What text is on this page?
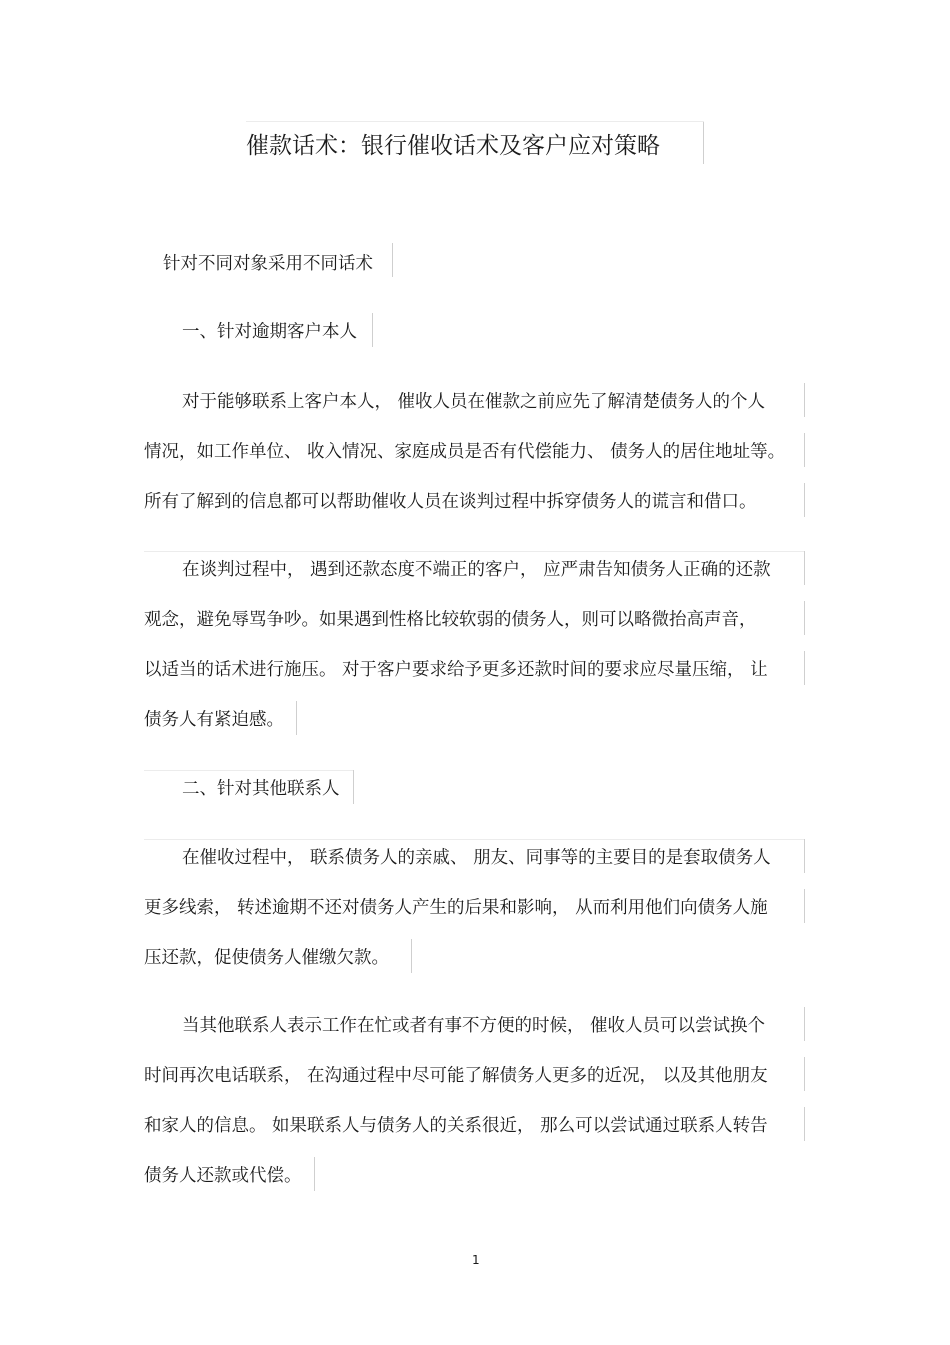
催款话术：银行催收话术及客户应对策略
针对不同对象采用不同话术
一、针对逾期客户本人
对于能够联系上客户本人， 催收人员在催款之前应先了解清楚债务人的个人
情况，如工作单位、 收入情况、家庭成员是否有代偿能力、 债务人的居住地址等。
所有了解到的信息都可以帮助催收人员在谈判过程中拆穿债务人的谎言和借口。
在谈判过程中， 遇到还款态度不端正的客户， 应严肃告知债务人正确的还款
观念，避免辱骂争吵。如果遇到性格比较软弱的债务人，则可以略微抬高声音，
以适当的话术进行施压。 对于客户要求给予更多还款时间的要求应尽量压缩， 让
债务人有紧迫感。
二、针对其他联系人
在催收过程中， 联系债务人的亲戚、 朋友、同事等的主要目的是套取债务人
更多线索， 转述逾期不还对债务人产生的后果和影响， 从而利用他们向债务人施
压还款，促使债务人催缴欠款。
当其他联系人表示工作在忙或者有事不方便的时候， 催收人员可以尝试换个
时间再次电话联系， 在沟通过程中尽可能了解债务人更多的近况， 以及其他朋友
和家人的信息。 如果联系人与债务人的关系很近， 那么可以尝试通过联系人转告
债务人还款或代偿。
1
